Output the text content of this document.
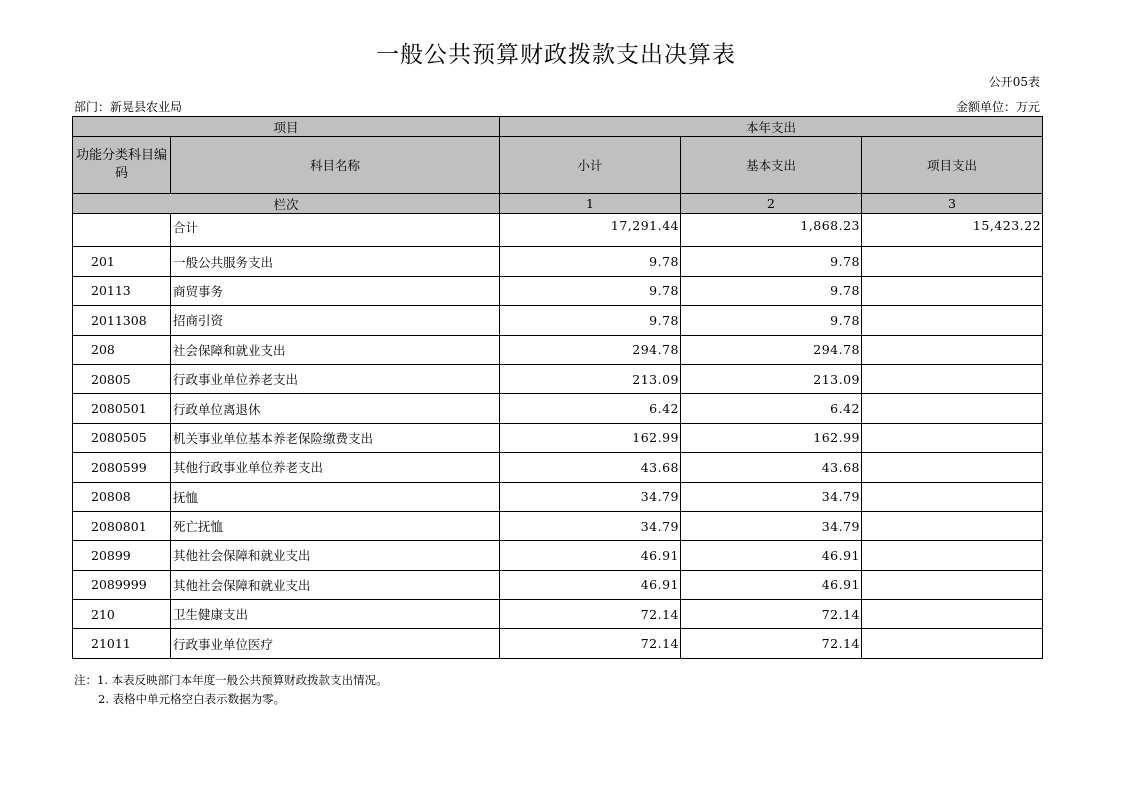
一般公共预算财政拨款支出决算表
公开05表
部门：新晃县农业局	金额单位：万元
项目		本年支出		
功能分类科目编码	科目名称	小计	基本支出	项目支出
栏次		1	2	3
	合计	17,291.44	1,868.23	15,423.22
201	一般公共服务支出	9.78	9.78	
20113	商贸事务	9.78	9.78	
2011308	招商引资	9.78	9.78	
208	社会保障和就业支出	294.78	294.78	
20805	行政事业单位养老支出	213.09	213.09	
2080501	行政单位离退休	6.42	6.42	
2080505	机关事业单位基本养老保险缴费支出	162.99	162.99	
2080599	其他行政事业单位养老支出	43.68	43.68	
20808	抚恤	34.79	34.79	
2080801	死亡抚恤	34.79	34.79	
20899	其他社会保障和就业支出	46.91	46.91	
2089999	其他社会保障和就业支出	46.91	46.91	
210	卫生健康支出	72.14	72.14	
21011	行政事业单位医疗	72.14	72.14	
注：1. 本表反映部门本年度一般公共预算财政拨款支出情况。
2. 表格中单元格空白表示数据为零。
